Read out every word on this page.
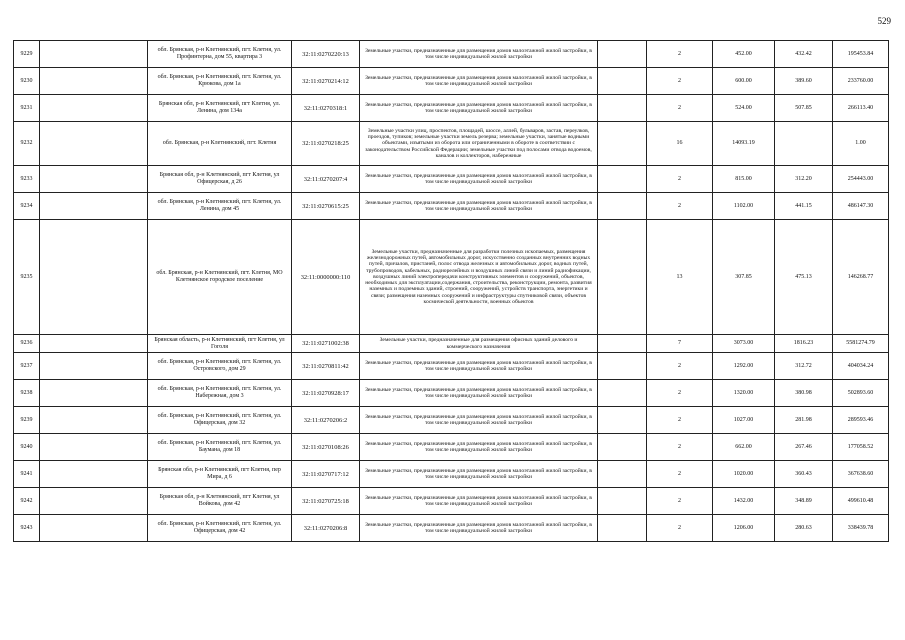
529
9229		обл. Брянская, р-н Клетнянский, пгт. Клетня, ул. Профинтерна, дом 55, квартира 3	32:11:0270220:13	Земельные участки, предназначенные для размещения домов малоэтажной жилой застройки, в том числе индивидуальной жилой застройки		2	452.00	432.42	195453.84
9230		обл. Брянская, р-н Клетнянский, пгт. Клетня, ул. Крюкова, дом 1а	32:11:0270214:12	Земельные участки, предназначенные для размещения домов малоэтажной жилой застройки, в том числе индивидуальной жилой застройки		2	600.00	389.60	233760.00
9231		Брянская обл, р-н Клетнянский, пгт Клетня, ул. Ленина, дом 134а	32:11:0270318:1	Земельные участки, предназначенные для размещения домов малоэтажной жилой застройки, в том числе индивидуальной жилой застройки		2	524.00	507.85	266113.40
9232		обл. Брянская, р-н Клетнянский, пгт. Клетня	32:11:0270218:25	Земельные участки улиц, проспектов, площадей, шоссе, аллей, бульваров, застав, переулков, проездов, тупиков; земельные участки земель резерва; земельные участки, занятые водными объектами, изъятыми из оборота или ограниченными в обороте в соответствии с законодательством Российской Федерации; земельные участки под полосами отвода водоемов, каналов и коллекторов, набережные		16	14093.19		1.00
9233		Брянская обл, р-н Клетнянский, пгт Клетня, ул Офицерская, д 26	32:11:0270207:4	Земельные участки, предназначенные для размещения домов малоэтажной жилой застройки, в том числе индивидуальной жилой застройки		2	815.00	312.20	254443.00
9234		обл. Брянская, р-н Клетнянский, пгт. Клетня, ул. Ленина, дом 45	32:11:0270615:25	Земельные участки, предназначенные для размещения домов малоэтажной жилой застройки, в том числе индивидуальной жилой застройки		2	1102.00	441.15	486147.30
9235		обл. Брянская, р-н Клетнянский, пгт. Клетня, МО Клетнянское городское поселение	32:11:0000000:110	Земельные участки, предназначенные для разработки полезных ископаемых, размещения железнодорожных путей, автомобильных дорог, искусственно созданных внутренних водных путей, причалов, пристаней, полос отвода железных и автомобильных дорог, водных путей, трубопроводов, кабельных, радиорелейных и воздушных линий связи и линий радиофикации, воздушных линий электропередачи конструктивных элементов и сооружений, объектов, необходимых для эксплуатации,содержания, строительства, реконструкции, ремонта, развития наземных и подземных зданий, строений, сооружений, устройств транспорта, энергетики и связи; размещения наземных сооружений и инфраструктуры спутниковой связи, объектов космической деятельности, военных объектов		13	307.85	475.13	146268.77
9236		Брянская область, р-н Клетнянский, пгт Клетня, ул Гоголя	32:11:0271002:38	Земельные участки, предназначенные для размещения офисных зданий делового и коммерческого назначения		7	3073.00	1816.23	5581274.79
9237		обл. Брянская, р-н Клетнянский, пгт. Клетня, ул. Островского, дом 29	32:11:0270811:42	Земельные участки, предназначенные для размещения домов малоэтажной жилой застройки, в том числе индивидуальной жилой застройки		2	1292.00	312.72	404034.24
9238		обл. Брянская, р-н Клетнянский, пгт. Клетня, ул. Набережная, дом 3	32:11:0270928:17	Земельные участки, предназначенные для размещения домов малоэтажной жилой застройки, в том числе индивидуальной жилой застройки		2	1320.00	380.98	502893.60
9239		обл. Брянская, р-н Клетнянский, пгт. Клетня, ул. Офицерская, дом 32	32:11:0270206:2	Земельные участки, предназначенные для размещения домов малоэтажной жилой застройки, в том числе индивидуальной жилой застройки		2	1027.00	281.98	289593.46
9240		обл. Брянская, р-н Клетнянский, пгт. Клетня, ул. Баумана, дом 18	32:11:0270108:26	Земельные участки, предназначенные для размещения домов малоэтажной жилой застройки, в том числе индивидуальной жилой застройки		2	662.00	267.46	177058.52
9241		Брянская обл, р-н Клетнянский, пгт Клетня, пер Мира, д 6	32:11:0270717:12	Земельные участки, предназначенные для размещения домов малоэтажной жилой застройки, в том числе индивидуальной жилой застройки		2	1020.00	360.43	367638.60
9242		Брянская обл, р-н Клетнянский, пгт Клетня, ул Войкова, дом 42	32:11:0270725:18	Земельные участки, предназначенные для размещения домов малоэтажной жилой застройки, в том числе индивидуальной жилой застройки		2	1432.00	348.89	499610.48
9243		обл. Брянская, р-н Клетнянский, пгт. Клетня, ул. Офицерская, дом 42	32:11:0270206:8	Земельные участки, предназначенные для размещения домов малоэтажной жилой застройки, в том числе индивидуальной жилой застройки		2	1206.00	280.63	338439.78
